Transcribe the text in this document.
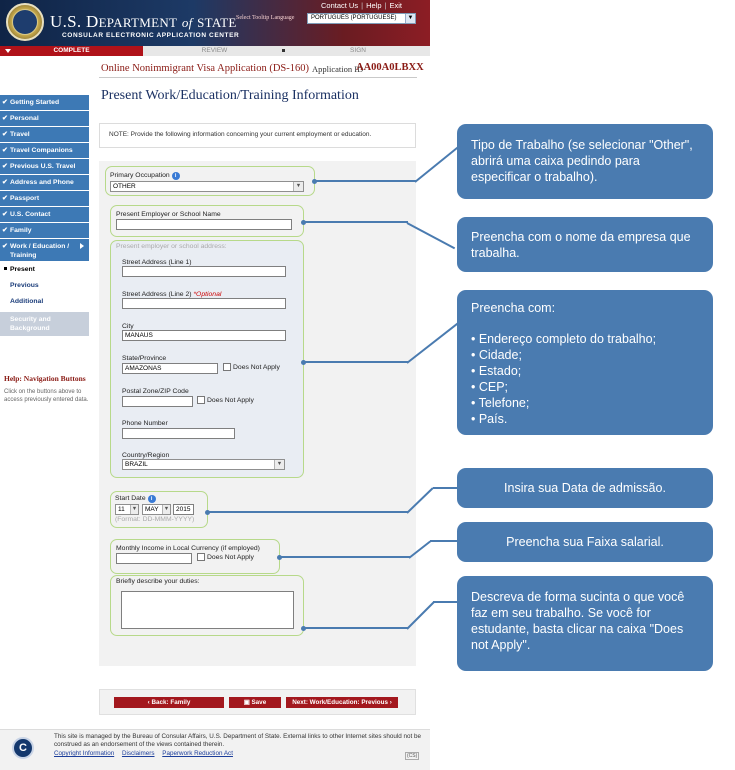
U.S. DEPARTMENT of STATE
CONSULAR ELECTRONIC APPLICATION CENTER
Contact Us | Help | Exit
Select Tooltip Language	PORTUGUÊS (PORTUGUESE)	▼
COMPLETE	REVIEW	SIGN
Online Nonimmigrant Visa Application (DS-160) Application ID
AA00A0LBXX
Present Work/Education/Training Information
✔ Getting Started
✔ Personal
✔ Travel
✔ Travel Companions
✔ Previous U.S. Travel
✔ Address and Phone
✔ Passport
✔ U.S. Contact
✔ Family
✔ Work / Education / Training
Present
Previous
Additional
Security and Background
Help: Navigation Buttons
Click on the buttons above to access previously entered data.
NOTE: Provide the following information concerning your current employment or education.
Primary Occupation i
OTHER	▼
Present Employer or School Name
Present employer or school address:
Street Address (Line 1)
Street Address (Line 2) *Optional
City
MANAUS
State/Province
AMAZONAS	Does Not Apply
Postal Zone/ZIP Code
Does Not Apply
Phone Number
Country/Region
BRAZIL	▼
Start Date i
11	▼	MAY ▼	2015
(Format: DD-MMM-YYYY)
Monthly Income in Local Currency (if employed)
Does Not Apply
Briefly describe your duties:

Tipo de Trabalho (se selecionar "Other", abrirá uma caixa pedindo para especificar o trabalho).

Preencha com o nome da empresa que trabalha.

Preencha com:

• Endereço completo do trabalho;

• Cidade;

• Estado;

• CEP;

• Telefone;

• País.

Insira sua Data de admissão.

Preencha sua Faixa salarial.

Descreva de forma sucinta o que você faz em seu trabalho. Se você for estudante, basta clicar na caixa "Does not Apply".

‹ Back: Family	▣ Save	Next: Work/Education: Previous ›
C
This site is managed by the Bureau of Consular Affairs, U.S. Department of State. External links to other Internet sites should not be construed as an endorsement of the views contained therein.
Copyright Information Disclaimers Paperwork Reduction Act	(CS)
